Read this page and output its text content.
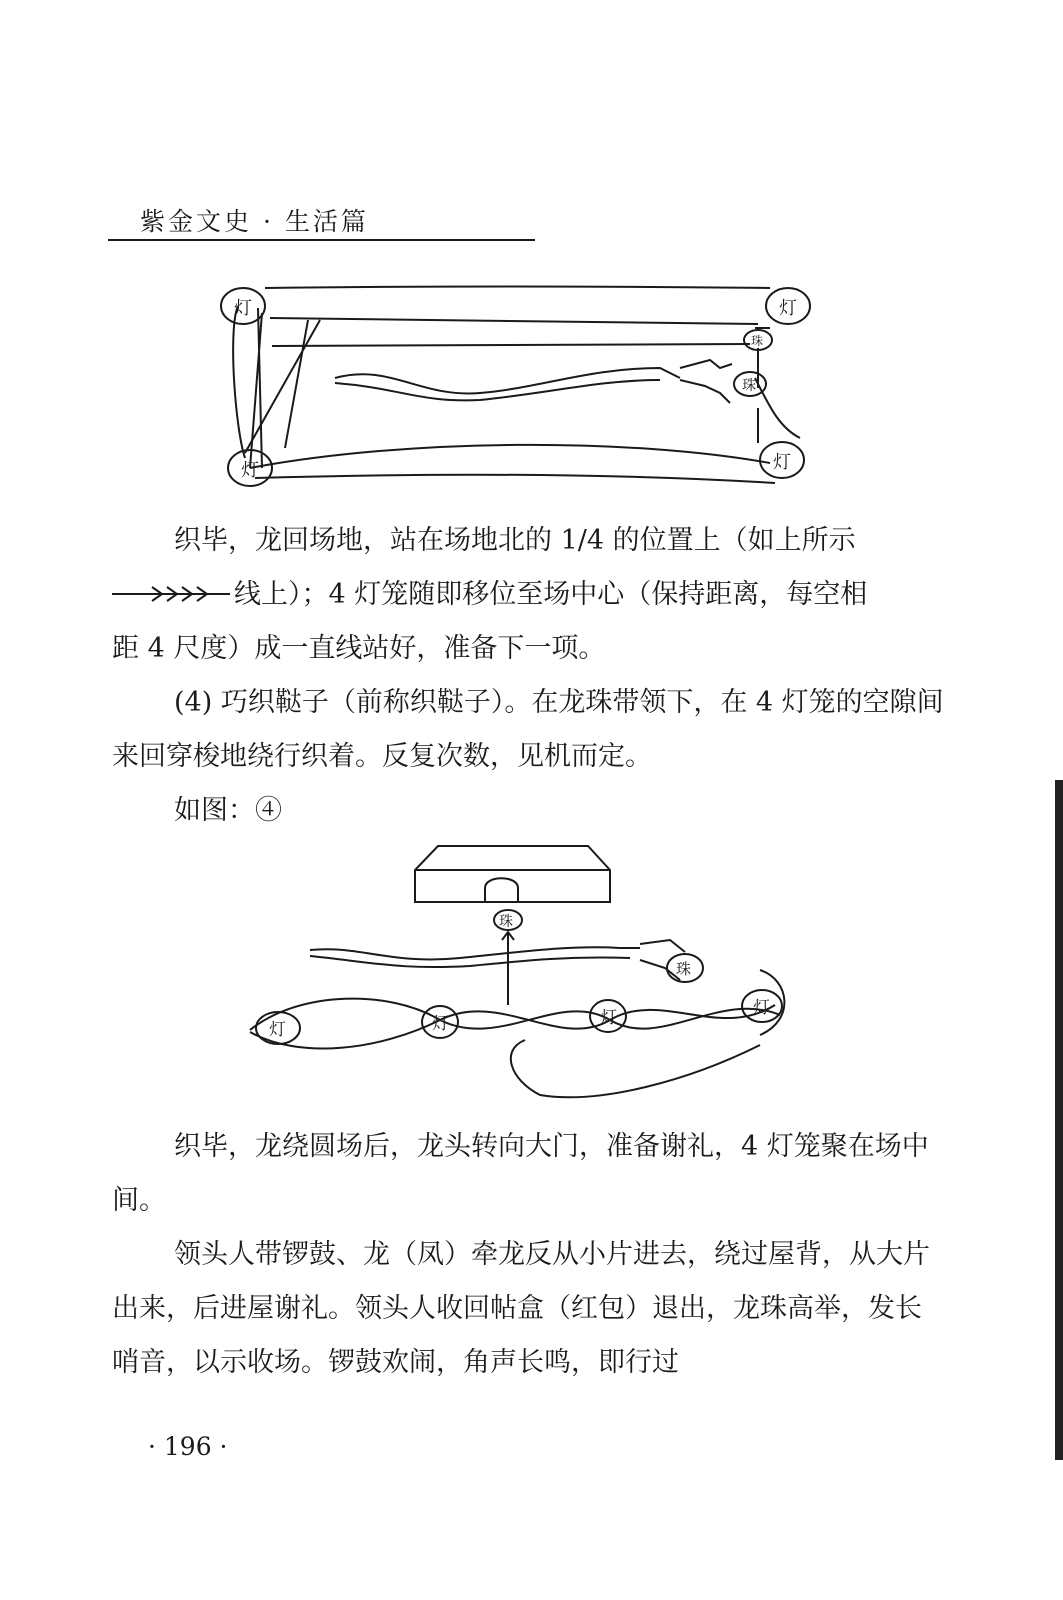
紫金文史 · 生活篇
灯	灯
灯	灯
珠
珠

织毕，龙回场地，站在场地北的 1/4 的位置上（如上所示

线上）；4 灯笼随即移位至场中心（保持距离，每空相

距 4 尺度）成一直线站好，准备下一项。

(4) 巧织鞑子（前称织鞑子）。在龙珠带领下，在 4 灯笼的空隙间来回穿梭地绕行织着。反复次数，见机而定。

如图：④

珠
灯	灯	灯	灯
珠

织毕，龙绕圆场后，龙头转向大门，准备谢礼，4 灯笼聚在场中间。

领头人带锣鼓、龙（凤）牵龙反从小片进去，绕过屋背，从大片出来，后进屋谢礼。领头人收回帖盒（红包）退出，龙珠高举，发长哨音，以示收场。锣鼓欢闹，角声长鸣，即行过

· 196 ·
